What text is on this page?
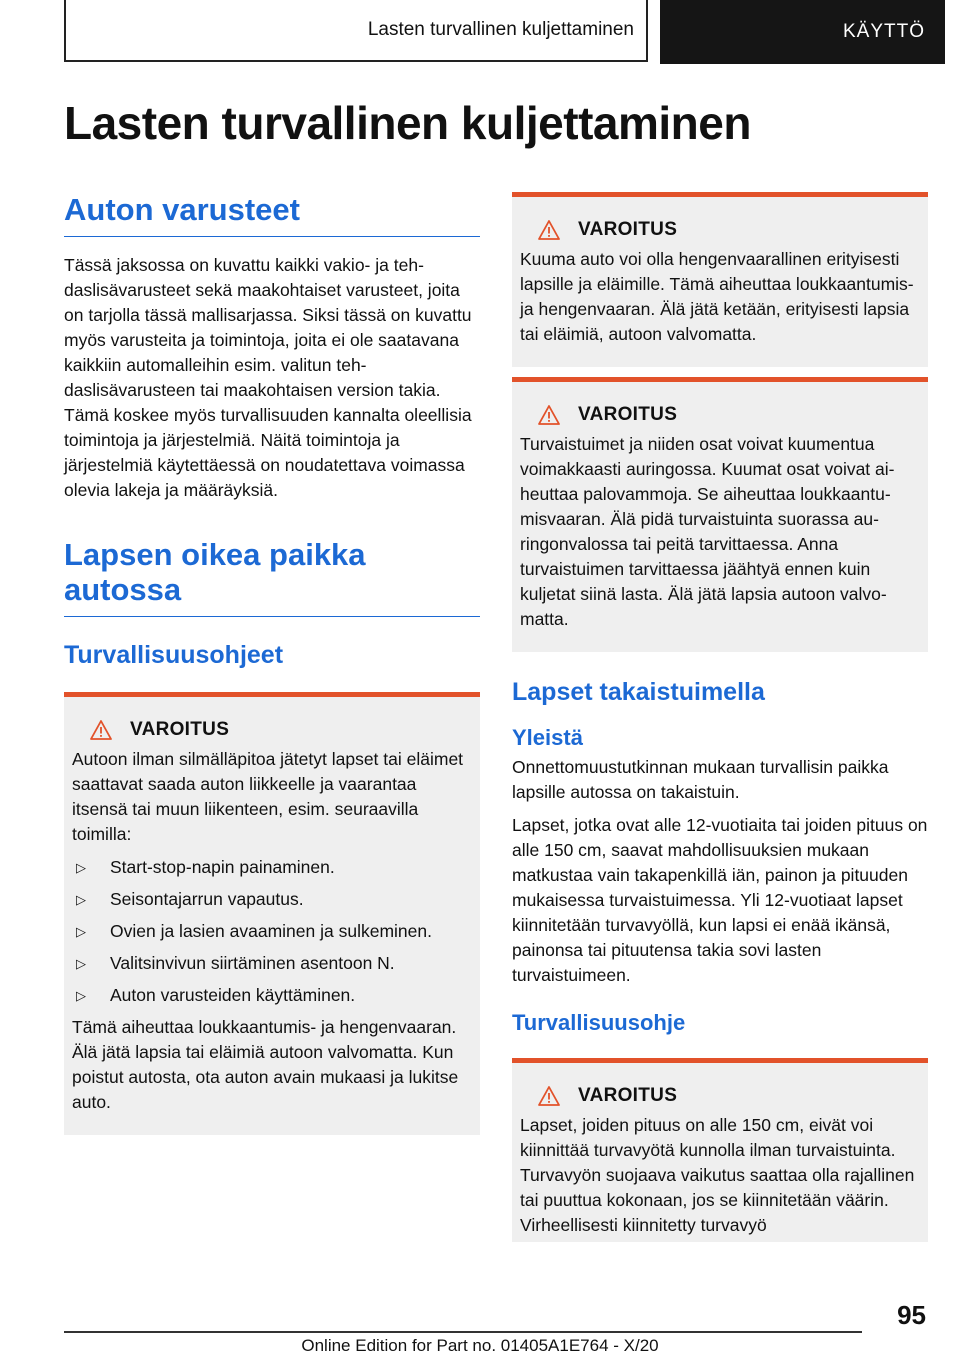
Lasten turvallinen kuljettaminen	KÄYTTÖ
Lasten turvallinen kuljettaminen
Auton varusteet

Tässä jaksossa on kuvattu kaikki vakio- ja tehdaslisävarusteet sekä maakohtaiset varusteet, joita on tarjolla tässä mallisarjassa. Siksi tässä on kuvattu myös varusteita ja toimintoja, joita ei ole saatavana kaikkiin automalleihin esim. valitun tehdaslisävarusteen tai maakohtaisen version takia. Tämä koskee myös turvallisuuden kannalta oleellisia toimintoja ja järjestelmiä. Näitä toimintoja ja järjestelmiä käytettäessä on noudatettava voimassa olevia lakeja ja määräyksiä.

Lapsen oikea paikka autossa
Turvallisuusohjeet
VAROITUS

Autoon ilman silmälläpitoa jätetyt lapset tai eläimet saattavat saada auton liikkeelle ja vaarantaa itsensä tai muun liikenteen, esim. seuraavilla toimilla:

▷	Start-stop-napin painaminen.
▷	Seisontajarrun vapautus.
▷	Ovien ja lasien avaaminen ja sulkeminen.
▷	Valitsinvivun siirtäminen asentoon N.
▷	Auton varusteiden käyttäminen.

Tämä aiheuttaa loukkaantumis- ja hengenvaaran. Älä jätä lapsia tai eläimiä autoon valvomatta. Kun poistut autosta, ota auton avain mukaasi ja lukitse auto.

VAROITUS

Kuuma auto voi olla hengenvaarallinen erityisesti lapsille ja eläimille. Tämä aiheuttaa loukkaantumis- ja hengenvaaran. Älä jätä ketään, erityisesti lapsia tai eläimiä, autoon valvomatta.

VAROITUS

Turvaistuimet ja niiden osat voivat kuumentua voimakkaasti auringossa. Kuumat osat voivat aiheuttaa palovammoja. Se aiheuttaa loukkaantumisvaaran. Älä pidä turvaistuinta suorassa auringonvalossa tai peitä tarvittaessa. Anna turvaistuimen tarvittaessa jäähtyä ennen kuin kuljetat siinä lasta. Älä jätä lapsia autoon valvomatta.

Lapset takaistuimella
Yleistä

Onnettomuustutkinnan mukaan turvallisin paikka lapsille autossa on takaistuin.

Lapset, jotka ovat alle 12-vuotiaita tai joiden pituus on alle 150 cm, saavat mahdollisuuksien mukaan matkustaa vain takapenkillä iän, painon ja pituuden mukaisessa turvaistuimessa. Yli 12-vuotiaat lapset kiinnitetään turvavyöllä, kun lapsi ei enää ikänsä, painonsa tai pituutensa takia sovi lasten turvaistuimeen.

Turvallisuusohje
VAROITUS

Lapset, joiden pituus on alle 150 cm, eivät voi kiinnittää turvavyötä kunnolla ilman turvaistuinta. Turvavyön suojaava vaikutus saattaa olla rajallinen tai puuttua kokonaan, jos se kiinnitetään väärin. Virheellisesti kiinnitetty turvavyö

95
Online Edition for Part no. 01405A1E764 - X/20
